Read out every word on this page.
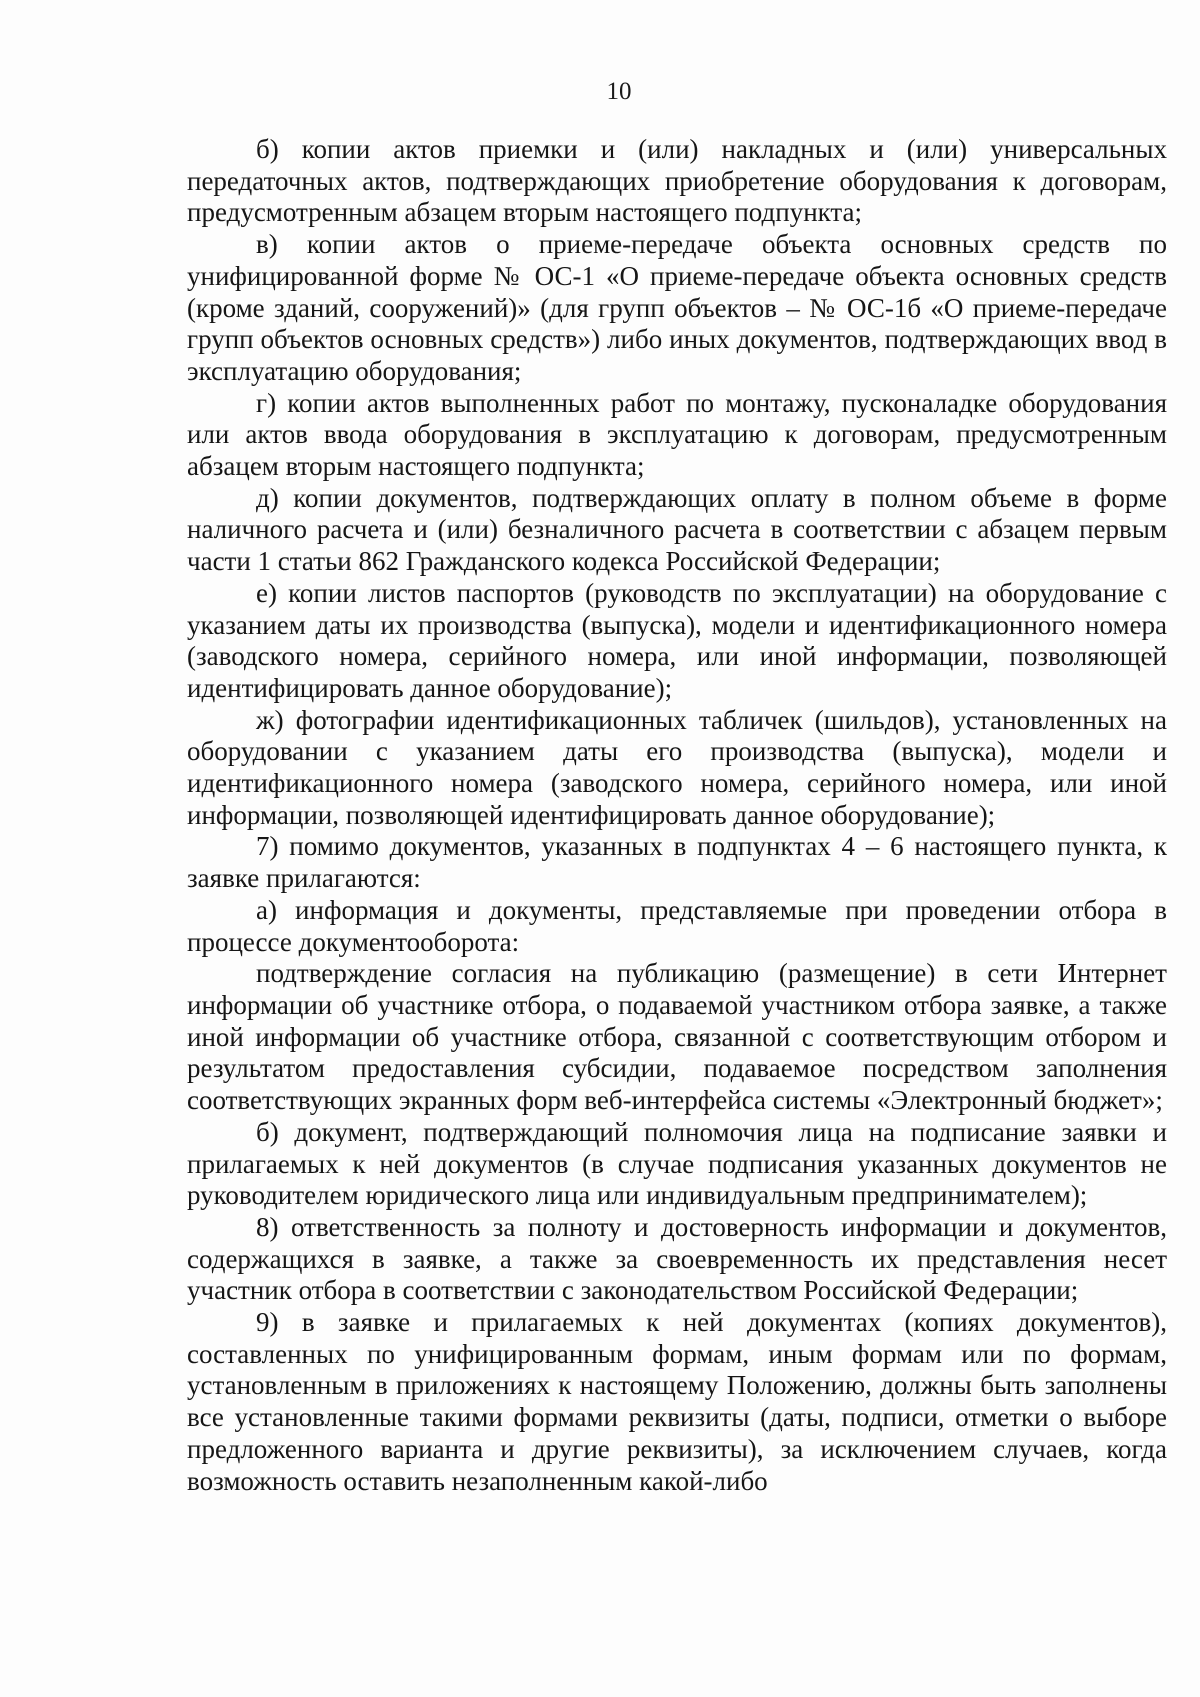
10

б) копии актов приемки и (или) накладных и (или) универсальных передаточных актов, подтверждающих приобретение оборудования к договорам, предусмотренным абзацем вторым настоящего подпункта;

в) копии актов о приеме-передаче объекта основных средств по унифицированной форме № ОС-1 «О приеме-передаче объекта основных средств (кроме зданий, сооружений)» (для групп объектов – № ОС-1б «О приеме-передаче групп объектов основных средств») либо иных документов, подтверждающих ввод в эксплуатацию оборудования;

г) копии актов выполненных работ по монтажу, пусконаладке оборудования или актов ввода оборудования в эксплуатацию к договорам, предусмотренным абзацем вторым настоящего подпункта;

д) копии документов, подтверждающих оплату в полном объеме в форме наличного расчета и (или) безналичного расчета в соответствии с абзацем первым части 1 статьи 862 Гражданского кодекса Российской Федерации;

е) копии листов паспортов (руководств по эксплуатации) на оборудование с указанием даты их производства (выпуска), модели и идентификационного номера (заводского номера, серийного номера, или иной информации, позволяющей идентифицировать данное оборудование);

ж) фотографии идентификационных табличек (шильдов), установленных на оборудовании с указанием даты его производства (выпуска), модели и идентификационного номера (заводского номера, серийного номера, или иной информации, позволяющей идентифицировать данное оборудование);

7) помимо документов, указанных в подпунктах 4 – 6 настоящего пункта, к заявке прилагаются:

а) информация и документы, представляемые при проведении отбора в процессе документооборота:

подтверждение согласия на публикацию (размещение) в сети Интернет информации об участнике отбора, о подаваемой участником отбора заявке, а также иной информации об участнике отбора, связанной с соответствующим отбором и результатом предоставления субсидии, подаваемое посредством заполнения соответствующих экранных форм веб-интерфейса системы «Электронный бюджет»;

б) документ, подтверждающий полномочия лица на подписание заявки и прилагаемых к ней документов (в случае подписания указанных документов не руководителем юридического лица или индивидуальным предпринимателем);

8) ответственность за полноту и достоверность информации и документов, содержащихся в заявке, а также за своевременность их представления несет участник отбора в соответствии с законодательством Российской Федерации;

9) в заявке и прилагаемых к ней документах (копиях документов), составленных по унифицированным формам, иным формам или по формам, установленным в приложениях к настоящему Положению, должны быть заполнены все установленные такими формами реквизиты (даты, подписи, отметки о выборе предложенного варианта и другие реквизиты), за исключением случаев, когда возможность оставить незаполненным какой-либо
